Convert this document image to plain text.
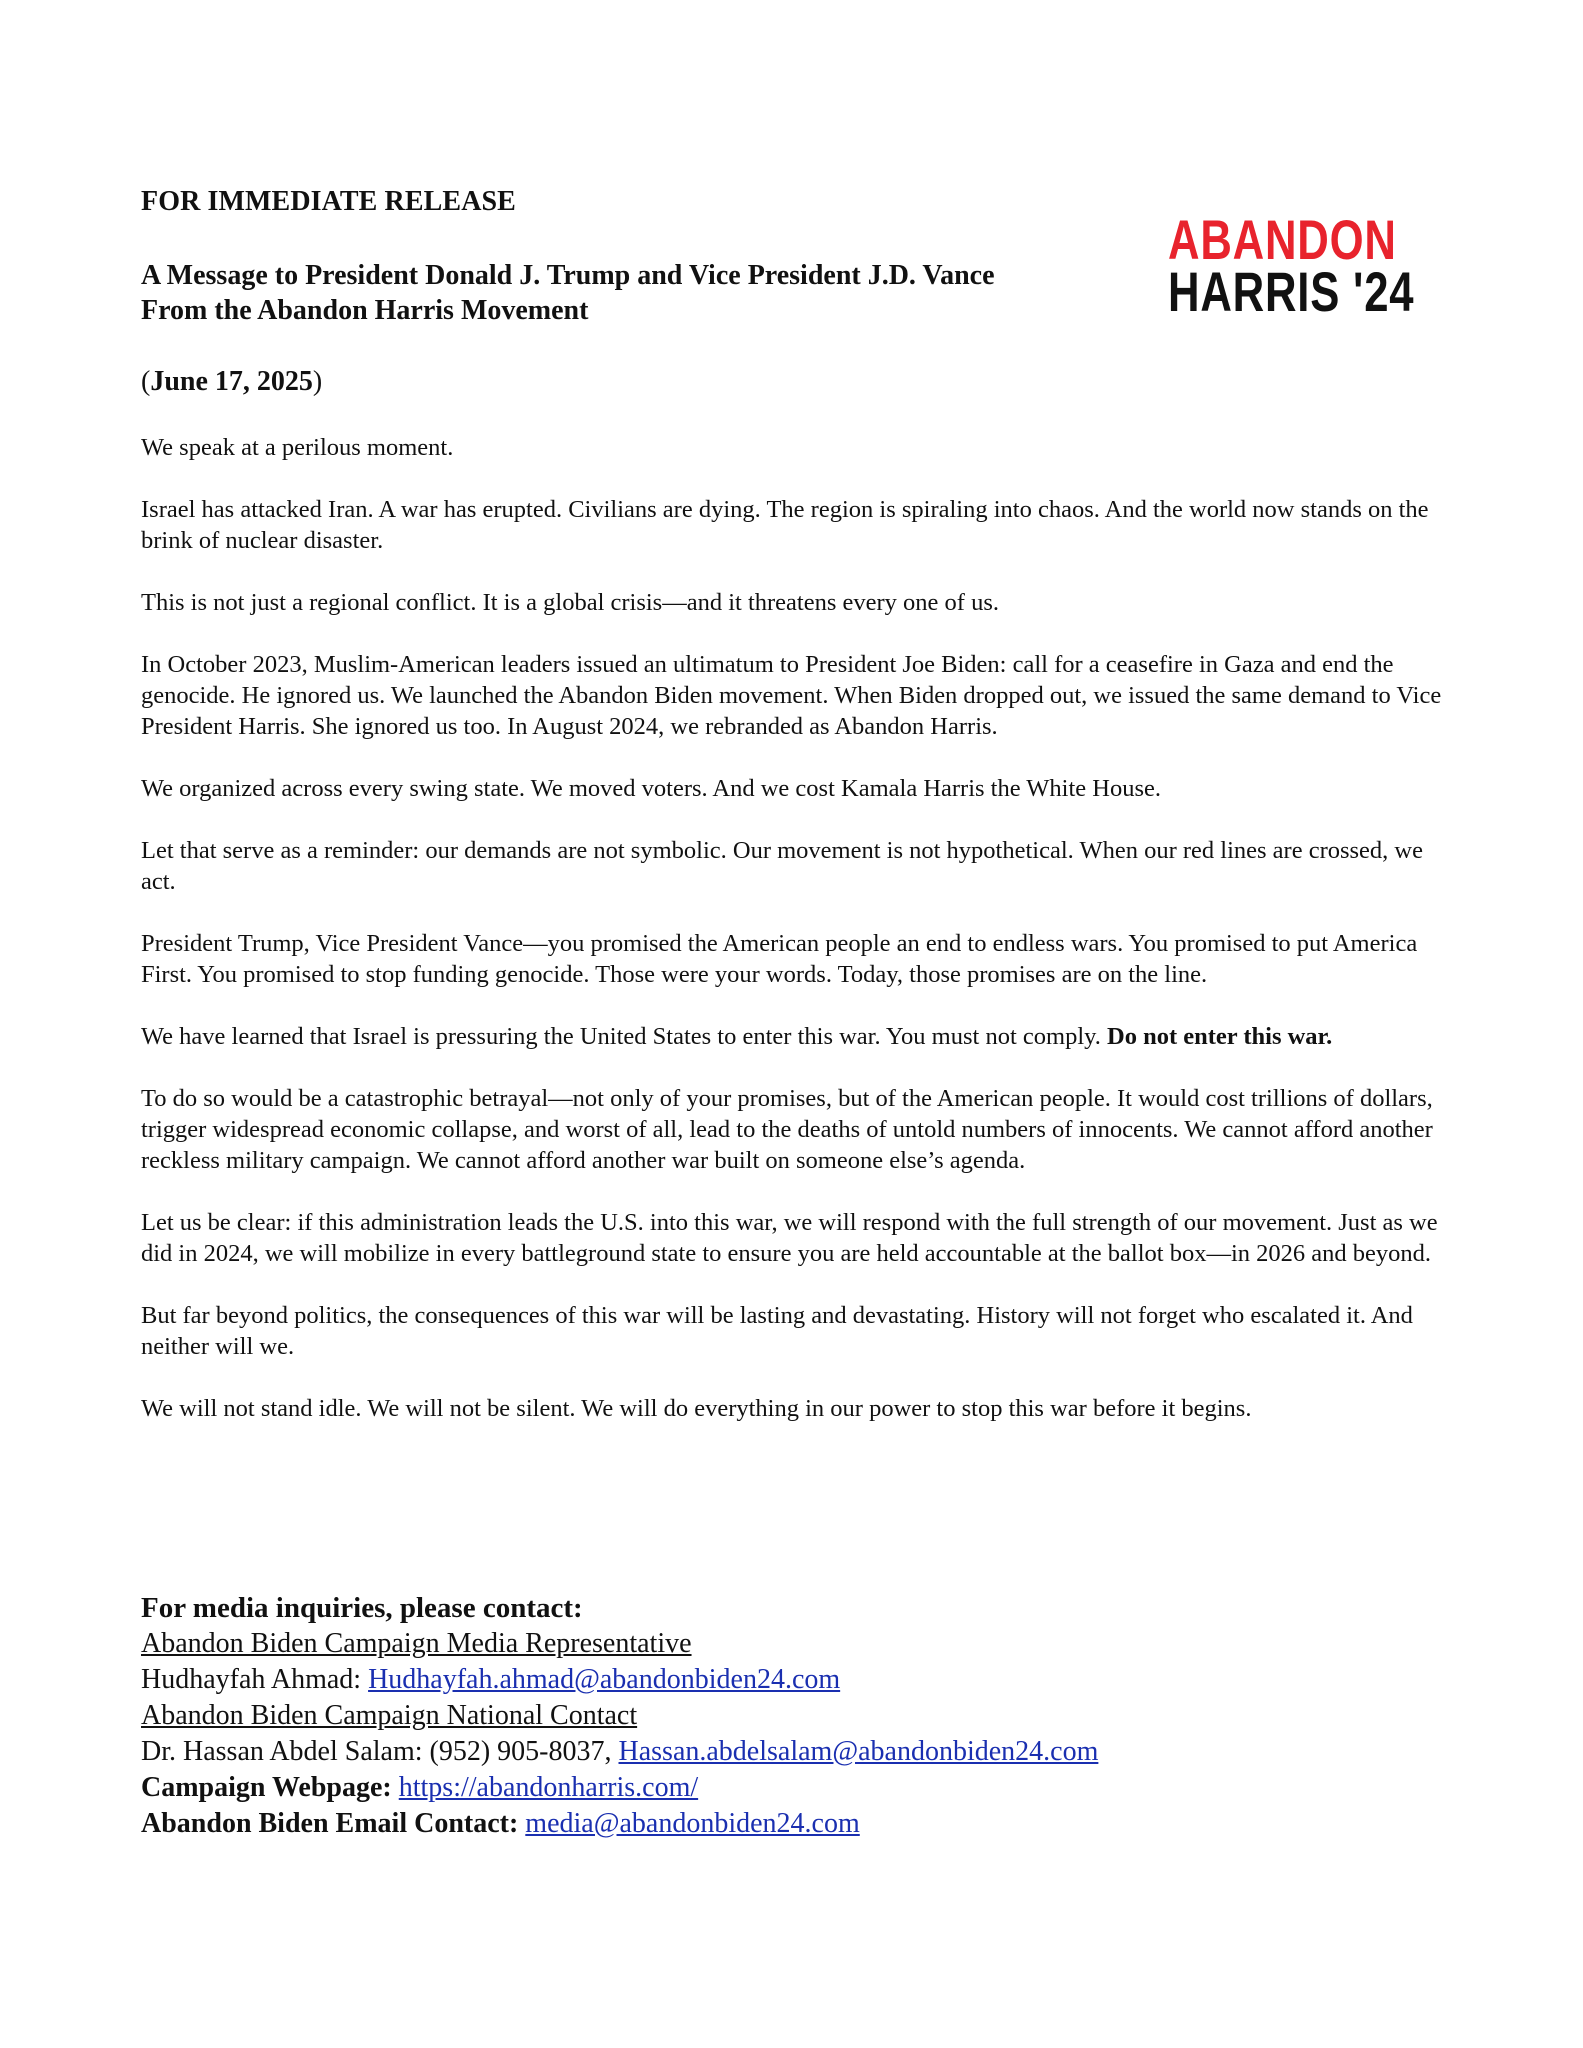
FOR IMMEDIATE RELEASE
A Message to President Donald J. Trump and Vice President J.D. Vance From the Abandon Harris Movement

(June 17, 2025)

ABANDON
HARRIS '24

We speak at a perilous moment.

Israel has attacked Iran. A war has erupted. Civilians are dying. The region is spiraling into chaos. And the world now stands on the brink of nuclear disaster.

This is not just a regional conflict. It is a global crisis—and it threatens every one of us.

In October 2023, Muslim-American leaders issued an ultimatum to President Joe Biden: call for a ceasefire in Gaza and end the genocide. He ignored us. We launched the Abandon Biden movement. When Biden dropped out, we issued the same demand to Vice President Harris. She ignored us too. In August 2024, we rebranded as Abandon Harris.

We organized across every swing state. We moved voters. And we cost Kamala Harris the White House.

Let that serve as a reminder: our demands are not symbolic. Our movement is not hypothetical. When our red lines are crossed, we act.

President Trump, Vice President Vance—you promised the American people an end to endless wars. You promised to put America First. You promised to stop funding genocide. Those were your words. Today, those promises are on the line.

We have learned that Israel is pressuring the United States to enter this war. You must not comply. Do not enter this war.

To do so would be a catastrophic betrayal—not only of your promises, but of the American people. It would cost trillions of dollars, trigger widespread economic collapse, and worst of all, lead to the deaths of untold numbers of innocents. We cannot afford another reckless military campaign. We cannot afford another war built on someone else’s agenda.

Let us be clear: if this administration leads the U.S. into this war, we will respond with the full strength of our movement. Just as we did in 2024, we will mobilize in every battleground state to ensure you are held accountable at the ballot box—in 2026 and beyond.

But far beyond politics, the consequences of this war will be lasting and devastating. History will not forget who escalated it. And neither will we.

We will not stand idle. We will not be silent. We will do everything in our power to stop this war before it begins.

For media inquiries, please contact:
Abandon Biden Campaign Media Representative
Hudhayfah Ahmad: Hudhayfah.ahmad@abandonbiden24.com
Abandon Biden Campaign National Contact
Dr. Hassan Abdel Salam: (952) 905-8037, Hassan.abdelsalam@abandonbiden24.com
Campaign Webpage: https://abandonharris.com/
Abandon Biden Email Contact: media@abandonbiden24.com
